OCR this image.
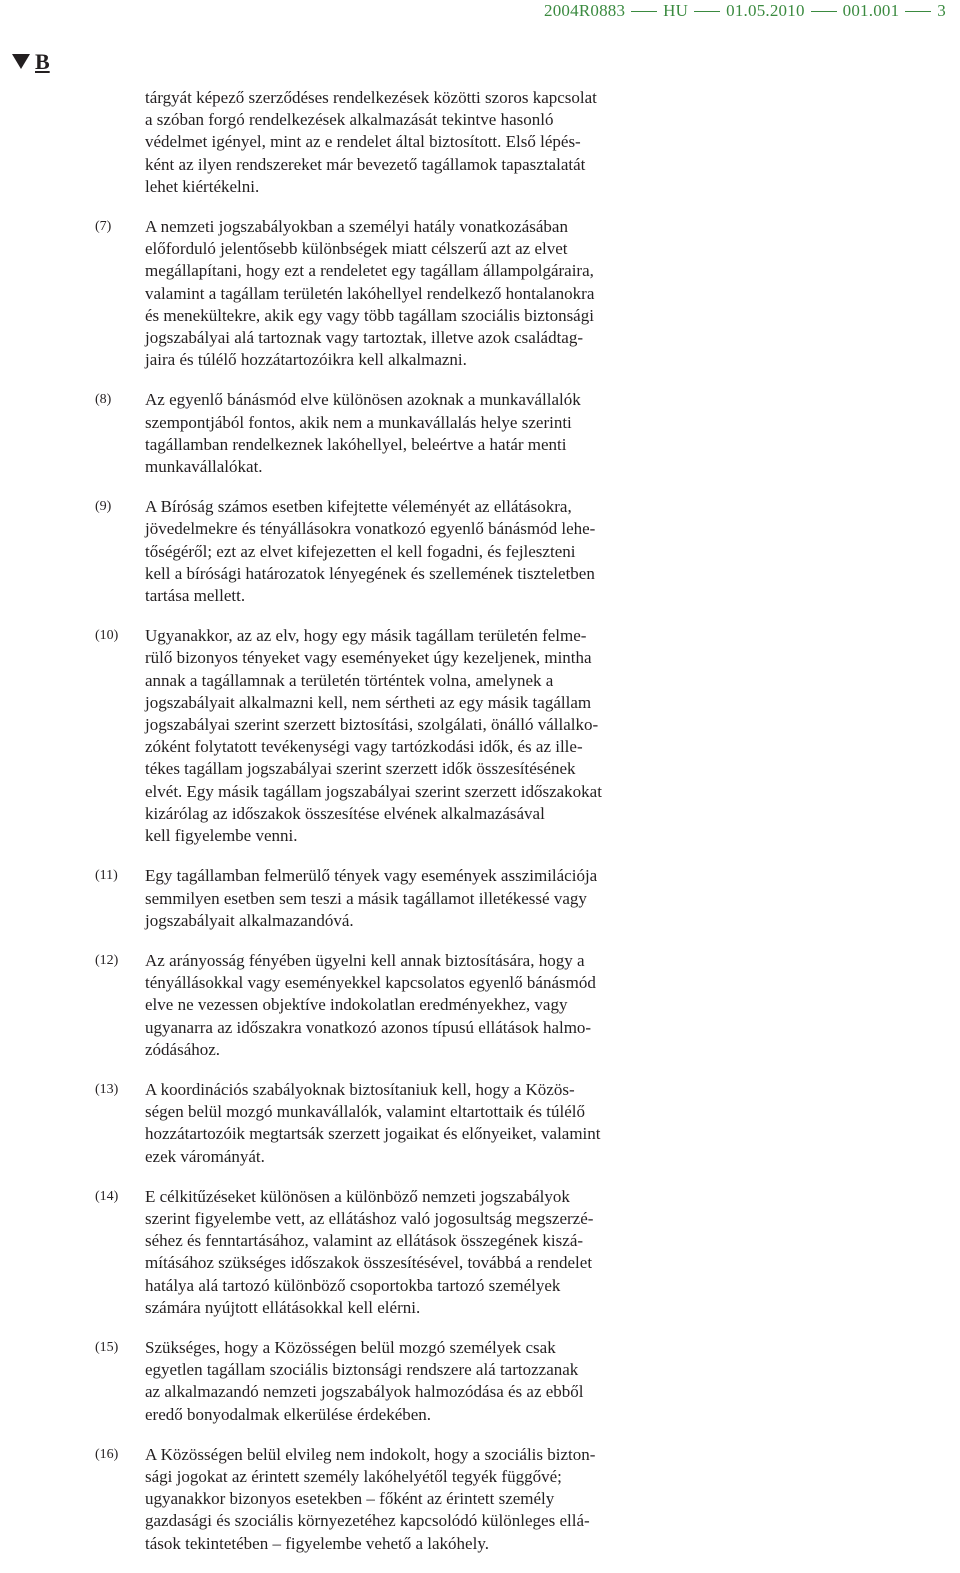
2004R0883 HU 01.05.2010 001.001 3
B
tárgyát képező szerződéses rendelkezések közötti szoros kapcsolat
a szóban forgó rendelkezések alkalmazását tekintve hasonló
védelmet igényel, mint az e rendelet által biztosított. Első lépés-
ként az ilyen rendszereket már bevezető tagállamok tapasztalatát
lehet kiértékelni.
(7)	A nemzeti jogszabályokban a személyi hatály vonatkozásában
előforduló jelentősebb különbségek miatt célszerű azt az elvet
megállapítani, hogy ezt a rendeletet egy tagállam állampolgáraira,
valamint a tagállam területén lakóhellyel rendelkező hontalanokra
és menekültekre, akik egy vagy több tagállam szociális biztonsági
jogszabályai alá tartoznak vagy tartoztak, illetve azok családtag-
jaira és túlélő hozzátartozóikra kell alkalmazni.
(8)	Az egyenlő bánásmód elve különösen azoknak a munkavállalók
szempontjából fontos, akik nem a munkavállalás helye szerinti
tagállamban rendelkeznek lakóhellyel, beleértve a határ menti
munkavállalókat.
(9)	A Bíróság számos esetben kifejtette véleményét az ellátásokra,
jövedelmekre és tényállásokra vonatkozó egyenlő bánásmód lehe-
tőségéről; ezt az elvet kifejezetten el kell fogadni, és fejleszteni
kell a bírósági határozatok lényegének és szellemének tiszteletben
tartása mellett.
(10)	Ugyanakkor, az az elv, hogy egy másik tagállam területén felme-
rülő bizonyos tényeket vagy eseményeket úgy kezeljenek, mintha
annak a tagállamnak a területén történtek volna, amelynek a
jogszabályait alkalmazni kell, nem sértheti az egy másik tagállam
jogszabályai szerint szerzett biztosítási, szolgálati, önálló vállalko-
zóként folytatott tevékenységi vagy tartózkodási idők, és az ille-
tékes tagállam jogszabályai szerint szerzett idők összesítésének
elvét. Egy másik tagállam jogszabályai szerint szerzett időszakokat
kizárólag az időszakok összesítése elvének alkalmazásával
kell figyelembe venni.
(11)	Egy tagállamban felmerülő tények vagy események asszimilációja
semmilyen esetben sem teszi a másik tagállamot illetékessé vagy
jogszabályait alkalmazandóvá.
(12)	Az arányosság fényében ügyelni kell annak biztosítására, hogy a
tényállásokkal vagy eseményekkel kapcsolatos egyenlő bánásmód
elve ne vezessen objektíve indokolatlan eredményekhez, vagy
ugyanarra az időszakra vonatkozó azonos típusú ellátások halmo-
zódásához.
(13)	A koordinációs szabályoknak biztosítaniuk kell, hogy a Közös-
ségen belül mozgó munkavállalók, valamint eltartottaik és túlélő
hozzátartozóik megtartsák szerzett jogaikat és előnyeiket, valamint
ezek várományát.
(14)	E célkitűzéseket különösen a különböző nemzeti jogszabályok
szerint figyelembe vett, az ellátáshoz való jogosultság megszerzé-
séhez és fenntartásához, valamint az ellátások összegének kiszá-
mításához szükséges időszakok összesítésével, továbbá a rendelet
hatálya alá tartozó különböző csoportokba tartozó személyek
számára nyújtott ellátásokkal kell elérni.
(15)	Szükséges, hogy a Közösségen belül mozgó személyek csak
egyetlen tagállam szociális biztonsági rendszere alá tartozzanak
az alkalmazandó nemzeti jogszabályok halmozódása és az ebből
eredő bonyodalmak elkerülése érdekében.
(16)	A Közösségen belül elvileg nem indokolt, hogy a szociális bizton-
sági jogokat az érintett személy lakóhelyétől tegyék függővé;
ugyanakkor bizonyos esetekben – főként az érintett személy
gazdasági és szociális környezetéhez kapcsolódó különleges ellá-
tások tekintetében – figyelembe vehető a lakóhely.
